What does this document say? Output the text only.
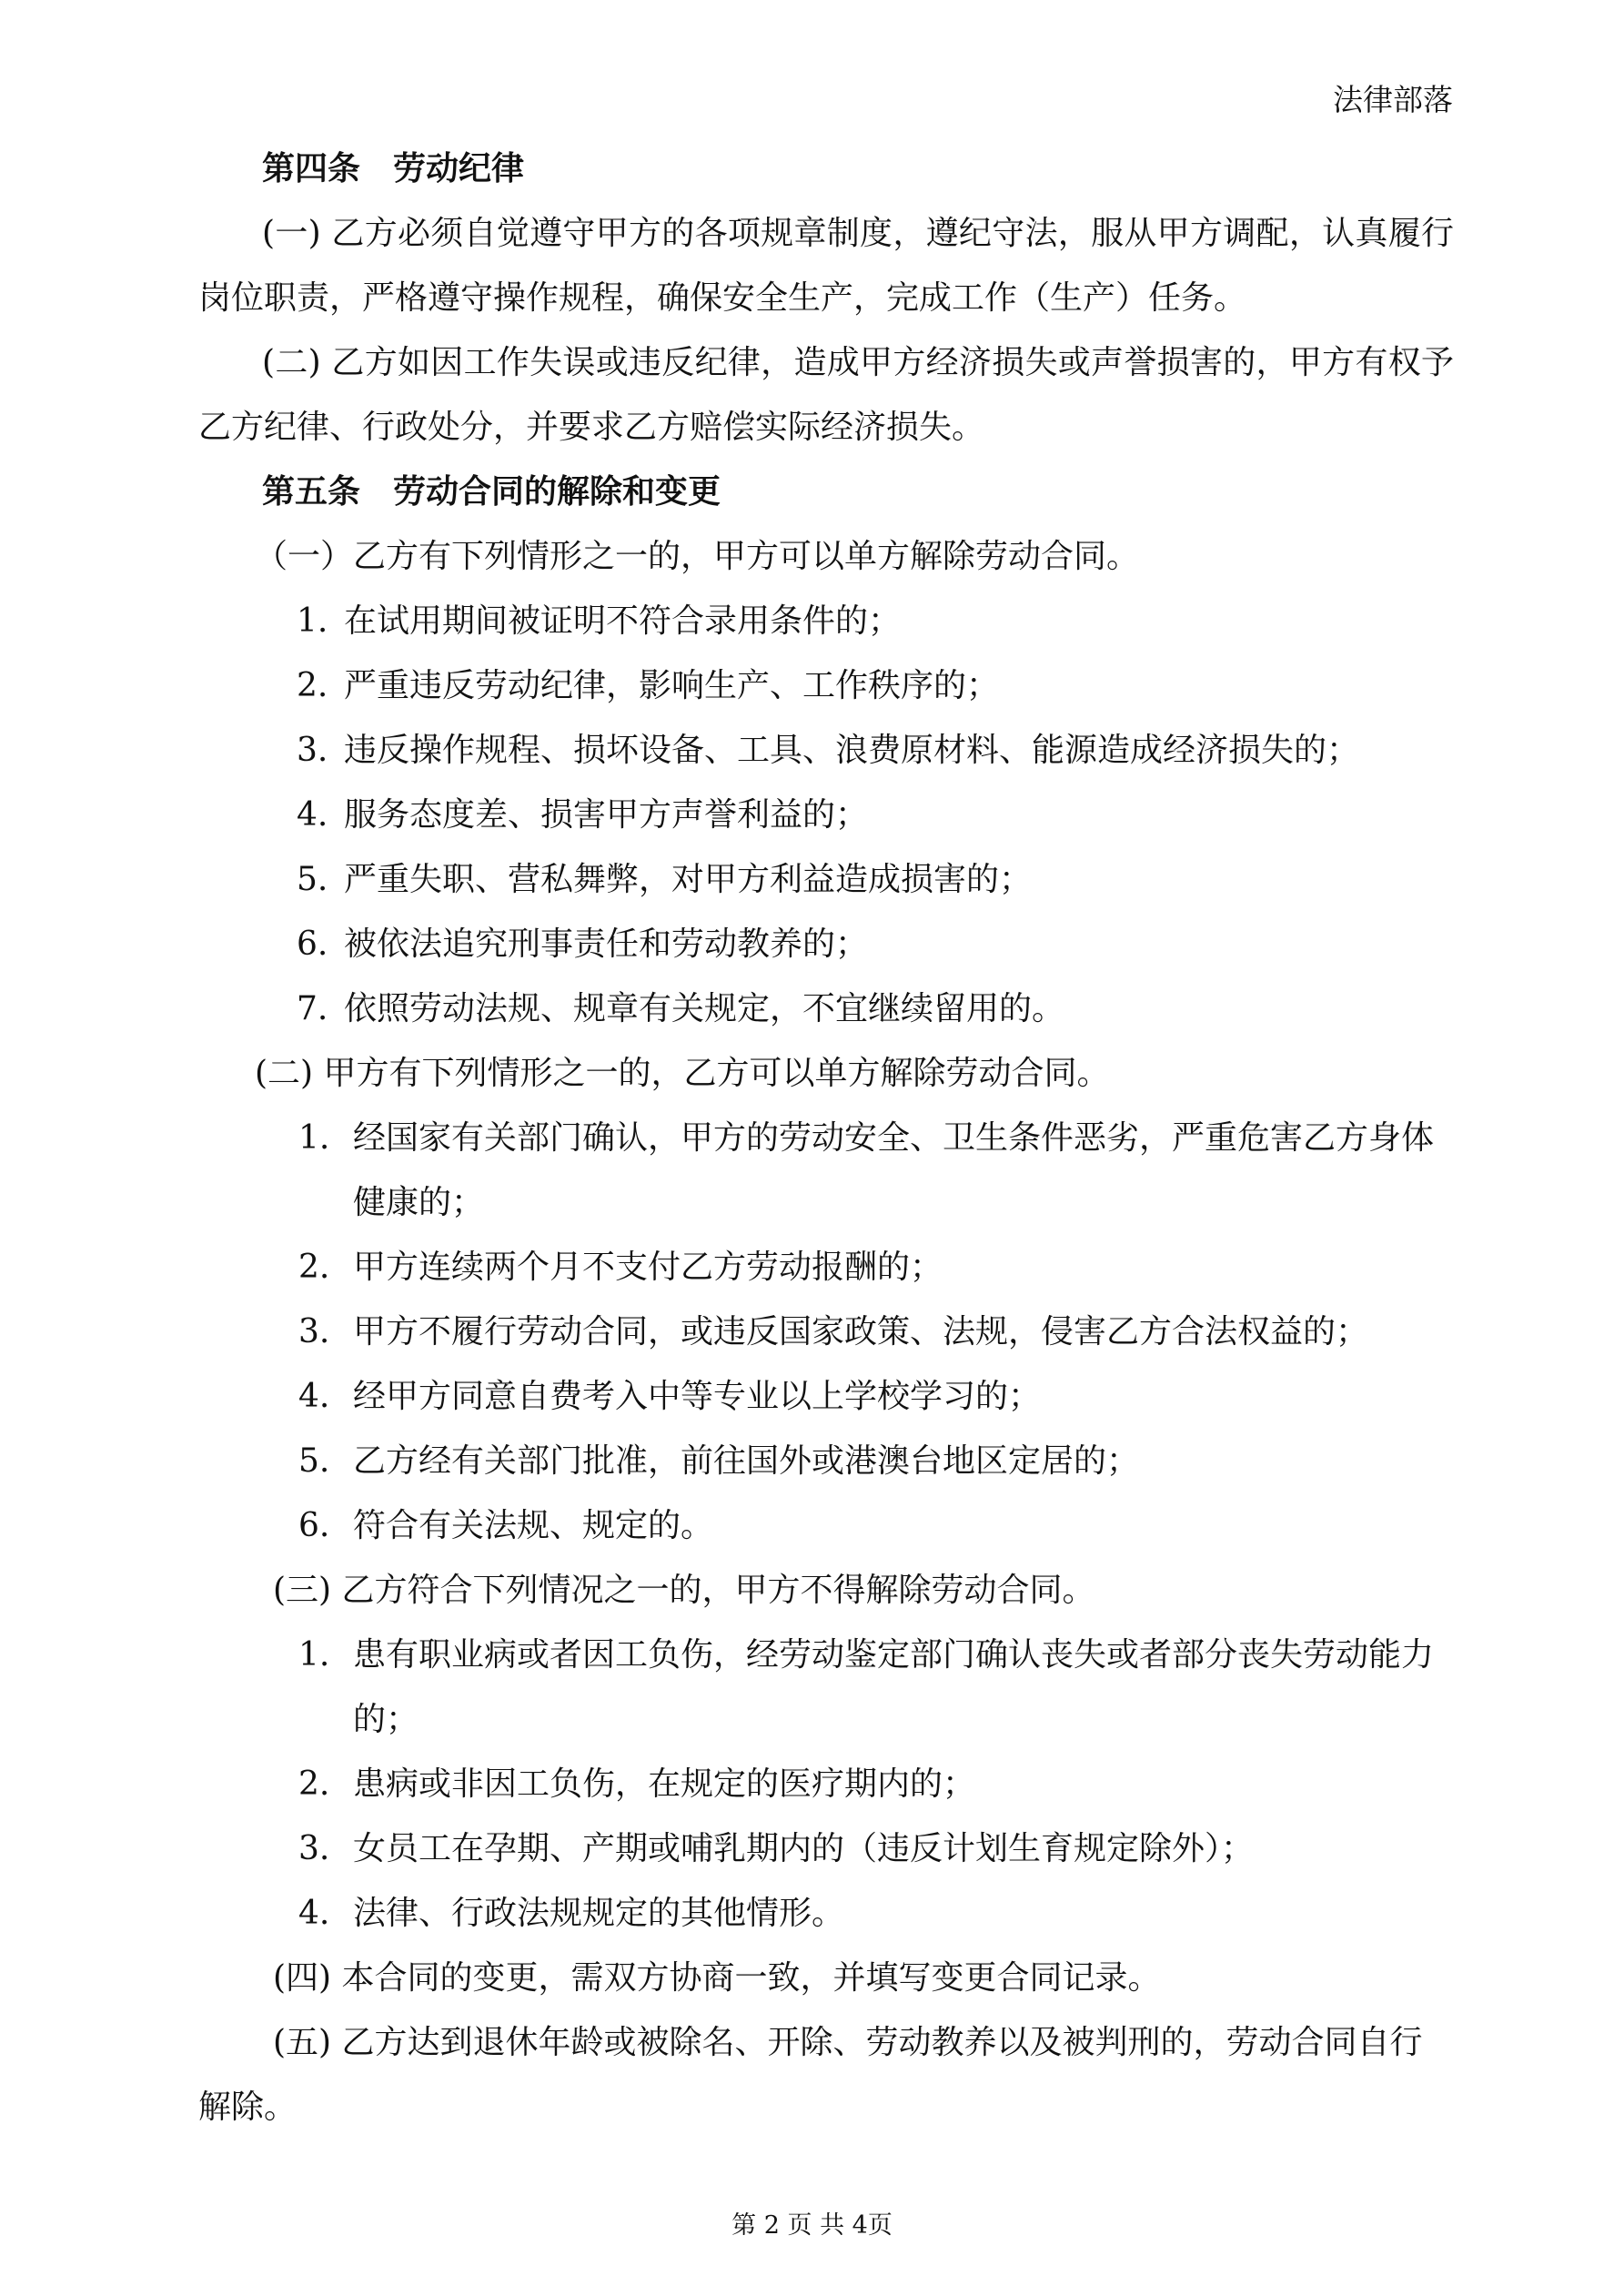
法律部落

第四条　劳动纪律

(一) 乙方必须自觉遵守甲方的各项规章制度，遵纪守法，服从甲方调配，认真履行岗位职责，严格遵守操作规程，确保安全生产，完成工作（生产）任务。

(二) 乙方如因工作失误或违反纪律，造成甲方经济损失或声誉损害的，甲方有权予乙方纪律、行政处分，并要求乙方赔偿实际经济损失。

第五条　劳动合同的解除和变更

（一）乙方有下列情形之一的，甲方可以单方解除劳动合同。

1. 在试用期间被证明不符合录用条件的；
2. 严重违反劳动纪律，影响生产、工作秩序的；
3. 违反操作规程、损坏设备、工具、浪费原材料、能源造成经济损失的；
4. 服务态度差、损害甲方声誉利益的；
5. 严重失职、营私舞弊，对甲方利益造成损害的；
6. 被依法追究刑事责任和劳动教养的；
7. 依照劳动法规、规章有关规定，不宜继续留用的。

(二) 甲方有下列情形之一的，乙方可以单方解除劳动合同。

1. 经国家有关部门确认，甲方的劳动安全、卫生条件恶劣，严重危害乙方身体健康的；
2. 甲方连续两个月不支付乙方劳动报酬的；
3. 甲方不履行劳动合同，或违反国家政策、法规，侵害乙方合法权益的；
4. 经甲方同意自费考入中等专业以上学校学习的；
5. 乙方经有关部门批准，前往国外或港澳台地区定居的；
6. 符合有关法规、规定的。

(三) 乙方符合下列情况之一的，甲方不得解除劳动合同。

1. 患有职业病或者因工负伤，经劳动鉴定部门确认丧失或者部分丧失劳动能力的；
2. 患病或非因工负伤，在规定的医疗期内的；
3. 女员工在孕期、产期或哺乳期内的（违反计划生育规定除外）；
4. 法律、行政法规规定的其他情形。

(四) 本合同的变更，需双方协商一致，并填写变更合同记录。

(五) 乙方达到退休年龄或被除名、开除、劳动教养以及被判刑的，劳动合同自行解除。

第 2 页 共 4页
